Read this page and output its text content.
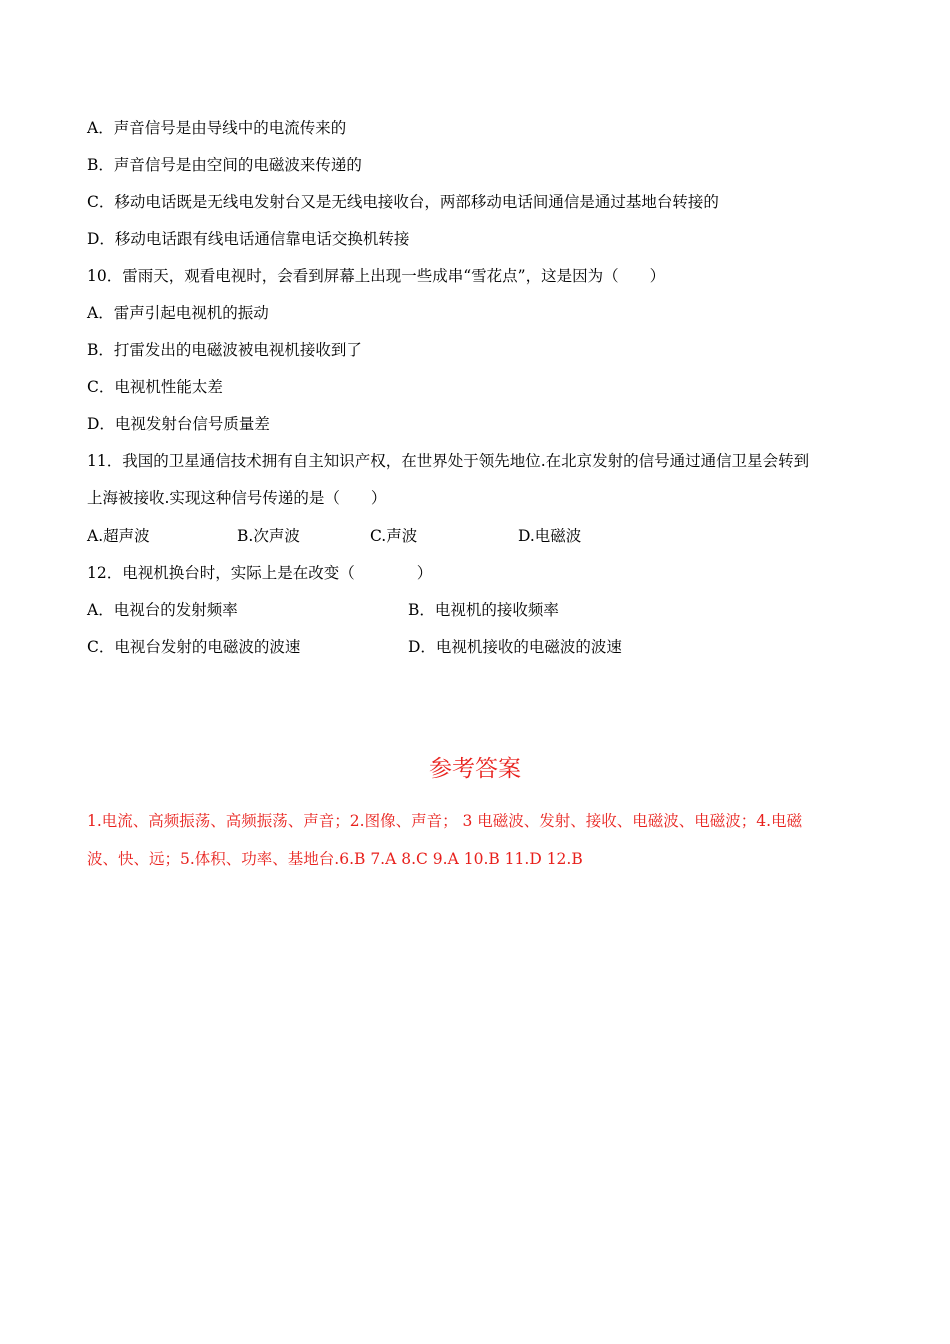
A．声音信号是由导线中的电流传来的
B．声音信号是由空间的电磁波来传递的
C．移动电话既是无线电发射台又是无线电接收台，两部移动电话间通信是通过基地台转接的
D．移动电话跟有线电话通信靠电话交换机转接
10．雷雨天，观看电视时，会看到屏幕上出现一些成串“雪花点”，这是因为（　　）
A．雷声引起电视机的振动
B．打雷发出的电磁波被电视机接收到了
C．电视机性能太差
D．电视发射台信号质量差
11．我国的卫星通信技术拥有自主知识产权，在世界处于领先地位.在北京发射的信号通过通信卫星会转到
上海被接收.实现这种信号传递的是（　　）
A.超声波	B.次声波	C.声波	D.电磁波
12．电视机换台时，实际上是在改变（　　　　）
A．电视台的发射频率	B．电视机的接收频率
C．电视台发射的电磁波的波速	D．电视机接收的电磁波的波速
参考答案
1.电流、高频振荡、高频振荡、声音；2.图像、声音； 3 电磁波、发射、接收、电磁波、电磁波；4.电磁
波、快、远；5.体积、功率、基地台.6.B 7.A 8.C 9.A 10.B 11.D 12.B
